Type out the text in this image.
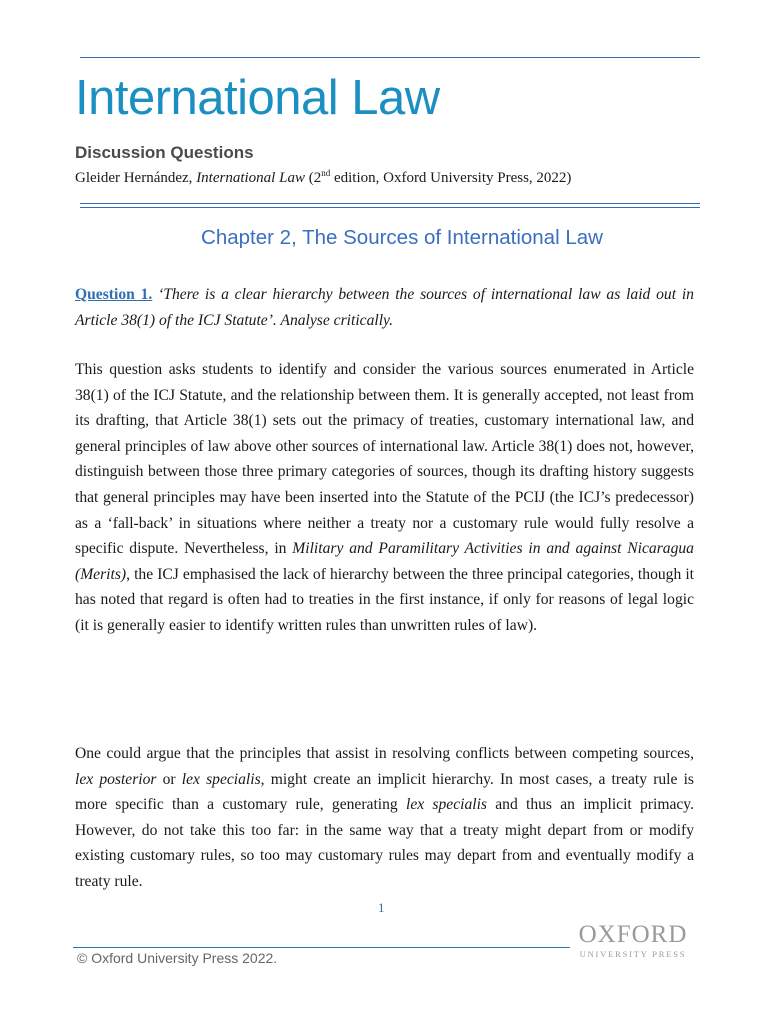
International Law
Discussion Questions
Gleider Hernández, International Law (2nd edition, Oxford University Press, 2022)
Chapter 2, The Sources of International Law
Question 1. ‘There is a clear hierarchy between the sources of international law as laid out in Article 38(1) of the ICJ Statute’. Analyse critically.
This question asks students to identify and consider the various sources enumerated in Article 38(1) of the ICJ Statute, and the relationship between them. It is generally accepted, not least from its drafting, that Article 38(1) sets out the primacy of treaties, customary international law, and general principles of law above other sources of international law. Article 38(1) does not, however, distinguish between those three primary categories of sources, though its drafting history suggests that general principles may have been inserted into the Statute of the PCIJ (the ICJ’s predecessor) as a ‘fall-back’ in situations where neither a treaty nor a customary rule would fully resolve a specific dispute. Nevertheless, in Military and Paramilitary Activities in and against Nicaragua (Merits), the ICJ emphasised the lack of hierarchy between the three principal categories, though it has noted that regard is often had to treaties in the first instance, if only for reasons of legal logic (it is generally easier to identify written rules than unwritten rules of law).
One could argue that the principles that assist in resolving conflicts between competing sources, lex posterior or lex specialis, might create an implicit hierarchy. In most cases, a treaty rule is more specific than a customary rule, generating lex specialis and thus an implicit primacy. However, do not take this too far: in the same way that a treaty might depart from or modify existing customary rules, so too may customary rules may depart from and eventually modify a treaty rule.
1
© Oxford University Press 2022.
OXFORD
UNIVERSITY PRESS
